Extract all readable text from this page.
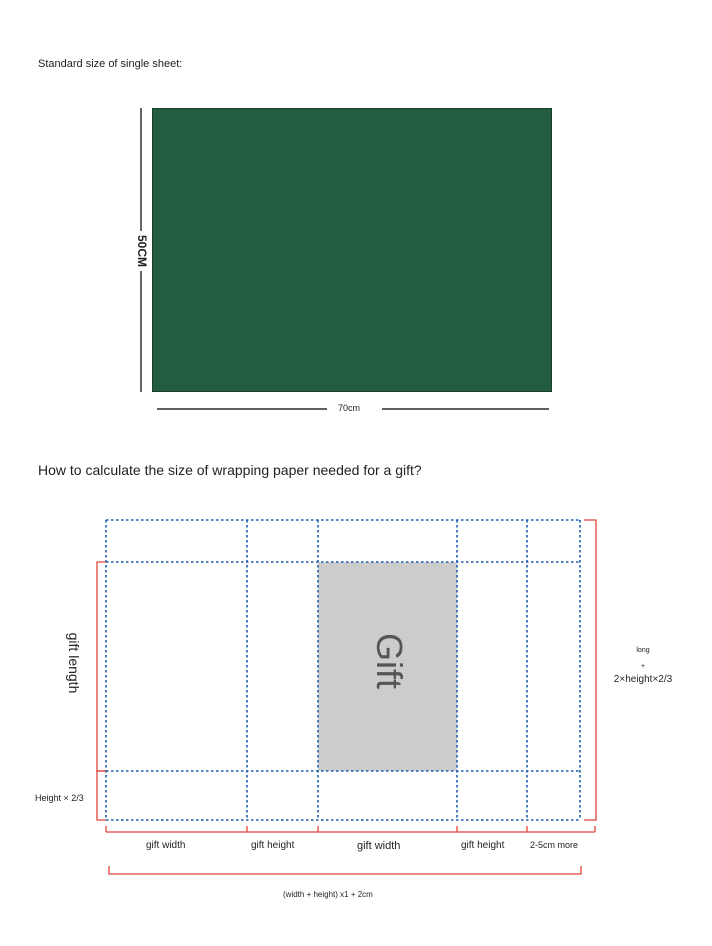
Standard size of single sheet:
50CM
70cm
How to calculate the size of wrapping paper needed for a gift?
Gift
gift length
Height × 2/3
long
+
2×height×2/3
gift width	gift height	gift width	gift height	2-5cm more
(width + height) x1 + 2cm
